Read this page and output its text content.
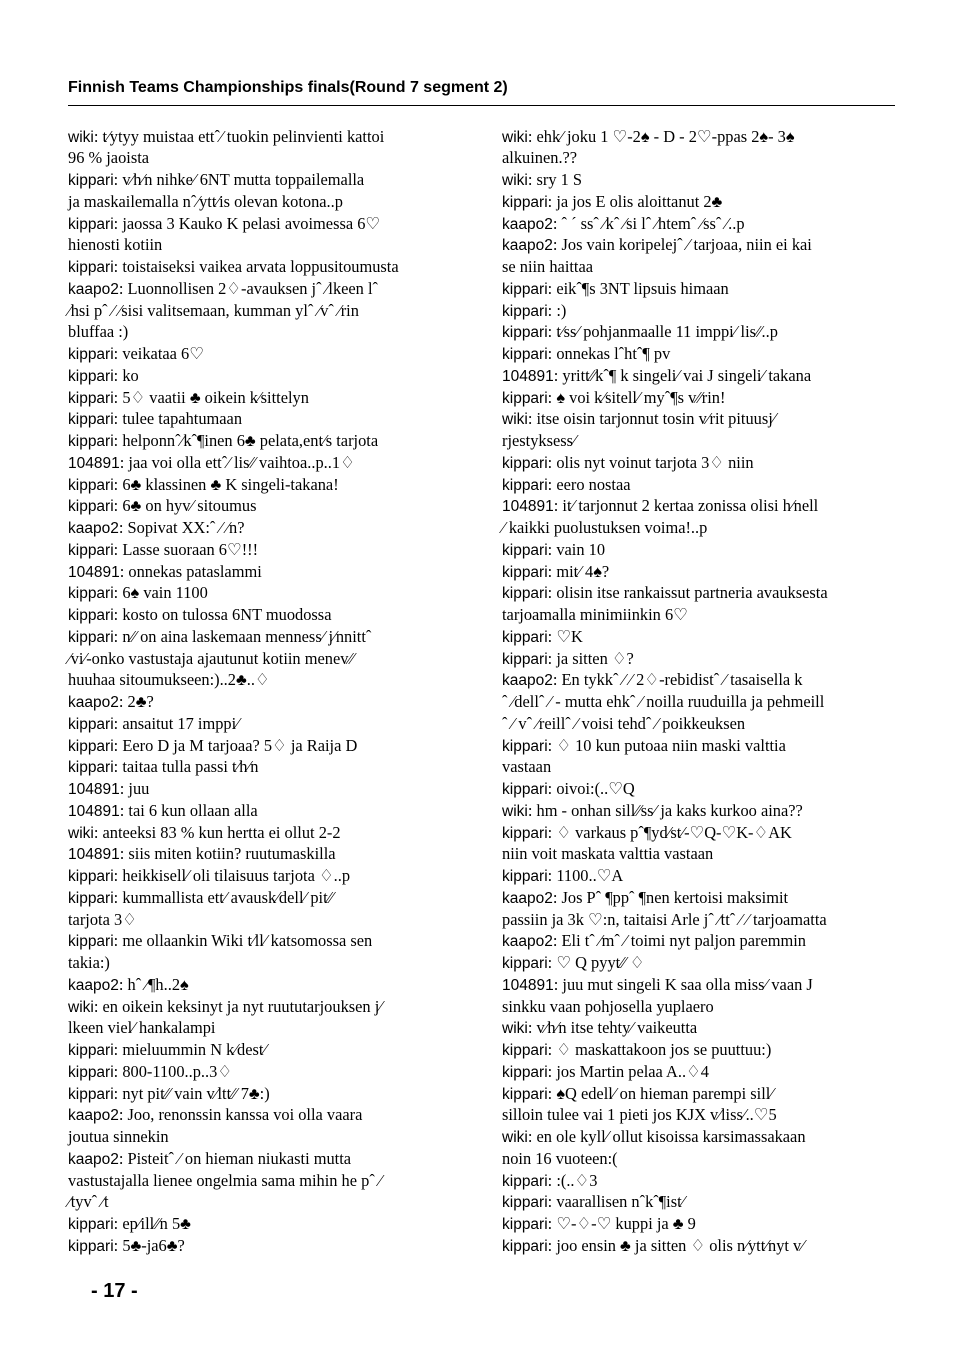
Finnish Teams Championships finals(Round 7 segment 2)
wiki: t⁄ytyy muistaa ettˆ⁄ tuokin pelinvienti kattoi
96 % jaoista
kippari: v⁄h⁄n nihke⁄ 6NT mutta toppailemalla
ja maskailemalla nˆ⁄ytt⁄is olevan kotona..p
kippari: jaossa 3 Kauko K pelasi avoimessa 6♡
hienosti kotiin
kippari: toistaiseksi vaikea arvata loppusitoumusta
kaapo2: Luonnollisen 2♢-avauksen jˆ ⁄lkeen lˆ
⁄hsi pˆ ⁄ ⁄sisi valitsemaan, kumman ylˆ ⁄vˆ ⁄rin
bluffaa :)
kippari: veikataa 6♡
kippari: ko
kippari: 5♢ vaatii ♣ oikein k⁄sittelyn
kippari: tulee tapahtumaan
kippari: helponnˆ⁄kˆ¶inen 6♣ pelata,ent⁄s tarjota
104891: jaa voi olla ettˆ⁄ lis⁄⁄ vaihtoa..p..1♢
kippari: 6♣ klassinen ♣ K singeli-takana!
kippari: 6♣ on hyv⁄ sitoumus
kaapo2: Sopivat XX:ˆ ⁄ ⁄n?
kippari: Lasse suoraan 6♡!!!
104891: onnekas pataslammi
kippari: 6♠ vain 1100
kippari: kosto on tulossa 6NT muodossa
kippari: n⁄⁄ on aina laskemaan menness⁄ j⁄nnittˆ
⁄vi⁄-onko vastustaja ajautunut kotiin menev⁄⁄
huuhaa sitoumukseen:)..2♣..♢
kaapo2: 2♣?
kippari: ansaitut 17 imppi⁄
kippari: Eero D ja M tarjoaa? 5♢ ja Raija D
kippari: taitaa tulla passi t⁄h⁄n
104891: juu
104891: tai 6 kun ollaan alla
wiki: anteeksi 83 % kun hertta ei ollut 2-2
104891: siis miten kotiin? ruutumaskilla
kippari: heikkisell⁄ oli tilaisuus tarjota ♢..p
kippari: kummallista ett⁄ avausk⁄dell⁄ pit⁄⁄
tarjota 3♢
kippari: me ollaankin Wiki t⁄ll⁄ katsomossa sen
takia:)
kaapo2: hˆ ⁄¶h..2♠
wiki: en oikein keksinyt ja nyt ruututarjouksen j⁄
lkeen viel⁄ hankalampi
kippari: mieluummin N k⁄dest⁄
kippari: 800-1100..p..3♢
kippari: nyt pit⁄⁄ vain v⁄ltt⁄⁄ 7♣:)
kaapo2: Joo, renonssin kanssa voi olla vaara
joutua sinnekin
kaapo2: Pisteitˆ ⁄ on hieman niukasti mutta
vastustajalla lienee ongelmia sama mihin he pˆ ⁄
⁄tyvˆ ⁄t
kippari: ep⁄ill⁄⁄n 5♣
kippari: 5♣-ja6♣?
wiki: ehk⁄ joku 1 ♡-2♠ - D - 2♡-ppas 2♠- 3♠
alkuinen.??
wiki: sry 1 S
kippari: ja jos E olis aloittanut 2♣
kaapo2: ˆ ´ ssˆ ⁄kˆ ⁄si lˆ ⁄htemˆ ⁄ssˆ ⁄..p
kaapo2: Jos vain koripelejˆ ⁄ tarjoaa, niin ei kai
se niin haittaa
kippari: eikˆ¶s 3NT lipsuis himaan
kippari: :)
kippari: t⁄ss⁄ pohjanmaalle 11 imppi⁄ lis⁄⁄..p
kippari: onnekas lˆhtˆ¶ pv
104891: yritt⁄⁄kˆ¶ k singeli⁄ vai J singeli⁄ takana
kippari: ♠ voi k⁄sitell⁄ myˆ¶s v⁄⁄rin!
wiki: itse oisin tarjonnut tosin v⁄rit pituusj⁄
rjestyksess⁄
kippari: olis nyt voinut tarjota 3♢ niin
kippari: eero nostaa
104891: it⁄ tarjonnut 2 kertaa zonissa olisi h⁄nell
⁄ kaikki puolustuksen voima!..p
kippari: vain 10
kippari: mit⁄ 4♠?
kippari: olisin itse rankaissut partneria avauksesta
tarjoamalla minimiinkin 6♡
kippari: ♡K
kippari: ja sitten ♢?
kaapo2: En tykkˆ ⁄ ⁄ 2♢-rebidistˆ ⁄ tasaisella k
ˆ ⁄dellˆ ⁄ - mutta ehkˆ ⁄ noilla ruuduilla ja pehmeill
ˆ ⁄ vˆ ⁄reillˆ ⁄ voisi tehdˆ ⁄ poikkeuksen
kippari: ♢ 10 kun putoaa niin maski valttia
vastaan
kippari: oivoi:(..♡Q
wiki: hm - onhan sill⁄⁄ss⁄ ja kaks kurkoo aina??
kippari: ♢ varkaus pˆ¶yd⁄st⁄-♡Q-♡K-♢AK
niin voit maskata valttia vastaan
kippari: 1100..♡A
kaapo2: Jos Pˆ ¶ppˆ ¶nen kertoisi maksimit
passiin ja 3k ♡:n, taitaisi Arle jˆ ⁄ttˆ ⁄ ⁄ tarjoamatta
kaapo2: Eli tˆ ⁄mˆ ⁄ toimi nyt paljon paremmin
kippari: ♡ Q pyyt⁄⁄ ♢
104891: juu mut singeli K saa olla miss⁄ vaan J
sinkku vaan pohjosella yuplaero
wiki: v⁄h⁄n itse tehty⁄ vaikeutta
kippari: ♢ maskattakoon jos se puuttuu:)
kippari: jos Martin pelaa A..♢4
kippari: ♠Q edell⁄ on hieman parempi sill⁄
silloin tulee vai 1 pieti jos KJX v⁄liss⁄..♡5
wiki: en ole kyll⁄ ollut kisoissa karsimassakaan
noin 16 vuoteen:(
kippari: :(..♢3
kippari: vaarallisen nˆkˆ¶ist⁄
kippari: ♡-♢-♡ kuppi ja ♣ 9
kippari: joo ensin ♣ ja sitten ♢ olis n⁄ytt⁄nyt v⁄
- 17 -
